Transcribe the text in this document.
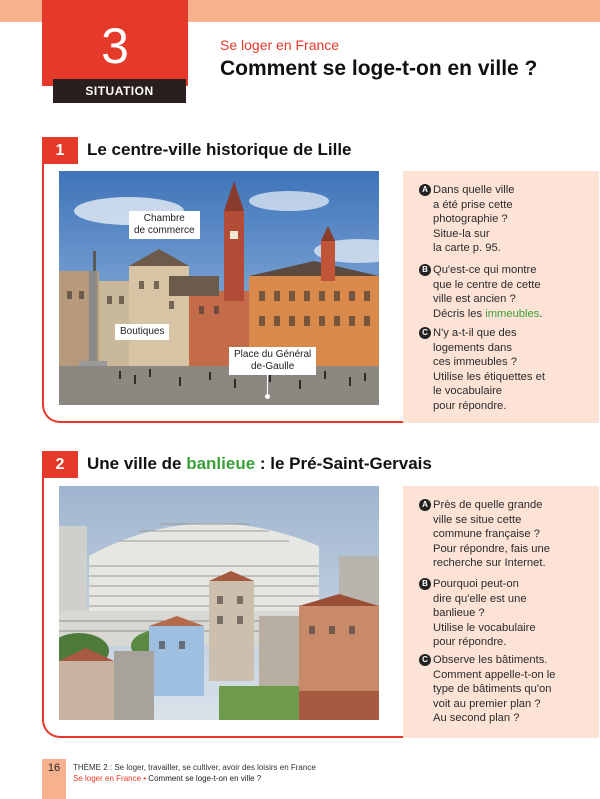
3
SITUATION
Se loger en France
Comment se loge-t-on en ville ?
1	Le centre-ville historique de Lille
Chambre
de commerce
Boutiques
Place du Général
de-Gaulle
A Dans quelle ville
a été prise cette
photographie ?
Situe-la sur
la carte p. 95.
B Qu'est-ce qui montre
que le centre de cette
ville est ancien ?
Décris les immeubles.
C N'y a-t-il que des
logements dans
ces immeubles ?
Utilise les étiquettes et
le vocabulaire
pour répondre.
2	Une ville de banlieue : le Pré-Saint-Gervais
A Près de quelle grande
ville se situe cette
commune française ?
Pour répondre, fais une
recherche sur Internet.
B Pourquoi peut-on
dire qu'elle est une
banlieue ?
Utilise le vocabulaire
pour répondre.
C Observe les bâtiments.
Comment appelle-t-on le
type de bâtiments qu'on
voit au premier plan ?
Au second plan ?
16	THÈME 2 : Se loger, travailler, se cultiver, avoir des loisirs en France
Se loger en France • Comment se loge-t-on en ville ?
